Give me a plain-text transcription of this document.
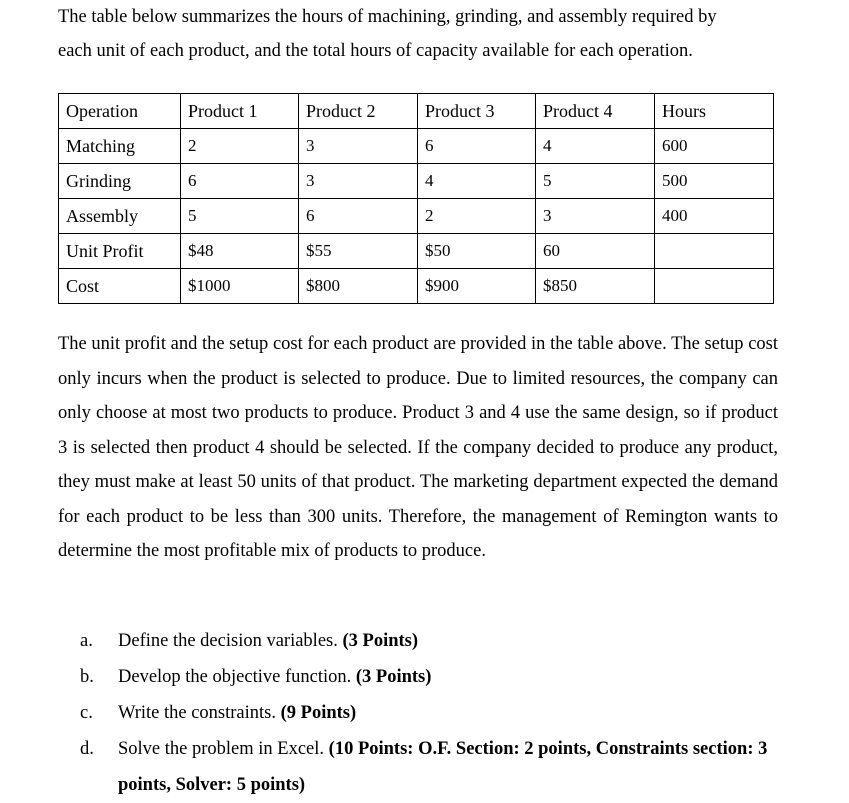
The table below summarizes the hours of machining, grinding, and assembly required by

each unit of each product, and the total hours of capacity available for each operation.

Operation	Product 1	Product 2	Product 3	Product 4	Hours
Matching	2	3	6	4	600
Grinding	6	3	4	5	500
Assembly	5	6	2	3	400
Unit Profit	$48	$55	$50	60	
Cost	$1000	$800	$900	$850	

The unit profit and the setup cost for each product are provided in the table above. The setup cost only incurs when the product is selected to produce. Due to limited resources, the company can only choose at most two products to produce. Product 3 and 4 use the same design, so if product 3 is selected then product 4 should be selected. If the company decided to produce any product, they must make at least 50 units of that product. The marketing department expected the demand for each product to be less than 300 units. Therefore, the management of Remington wants to determine the most profitable mix of products to produce.

a. Define the decision variables. (3 Points)
b. Develop the objective function. (3 Points)
c. Write the constraints. (9 Points)
d. Solve the problem in Excel. (10 Points: O.F. Section: 2 points, Constraints section: 3 points, Solver: 5 points)
